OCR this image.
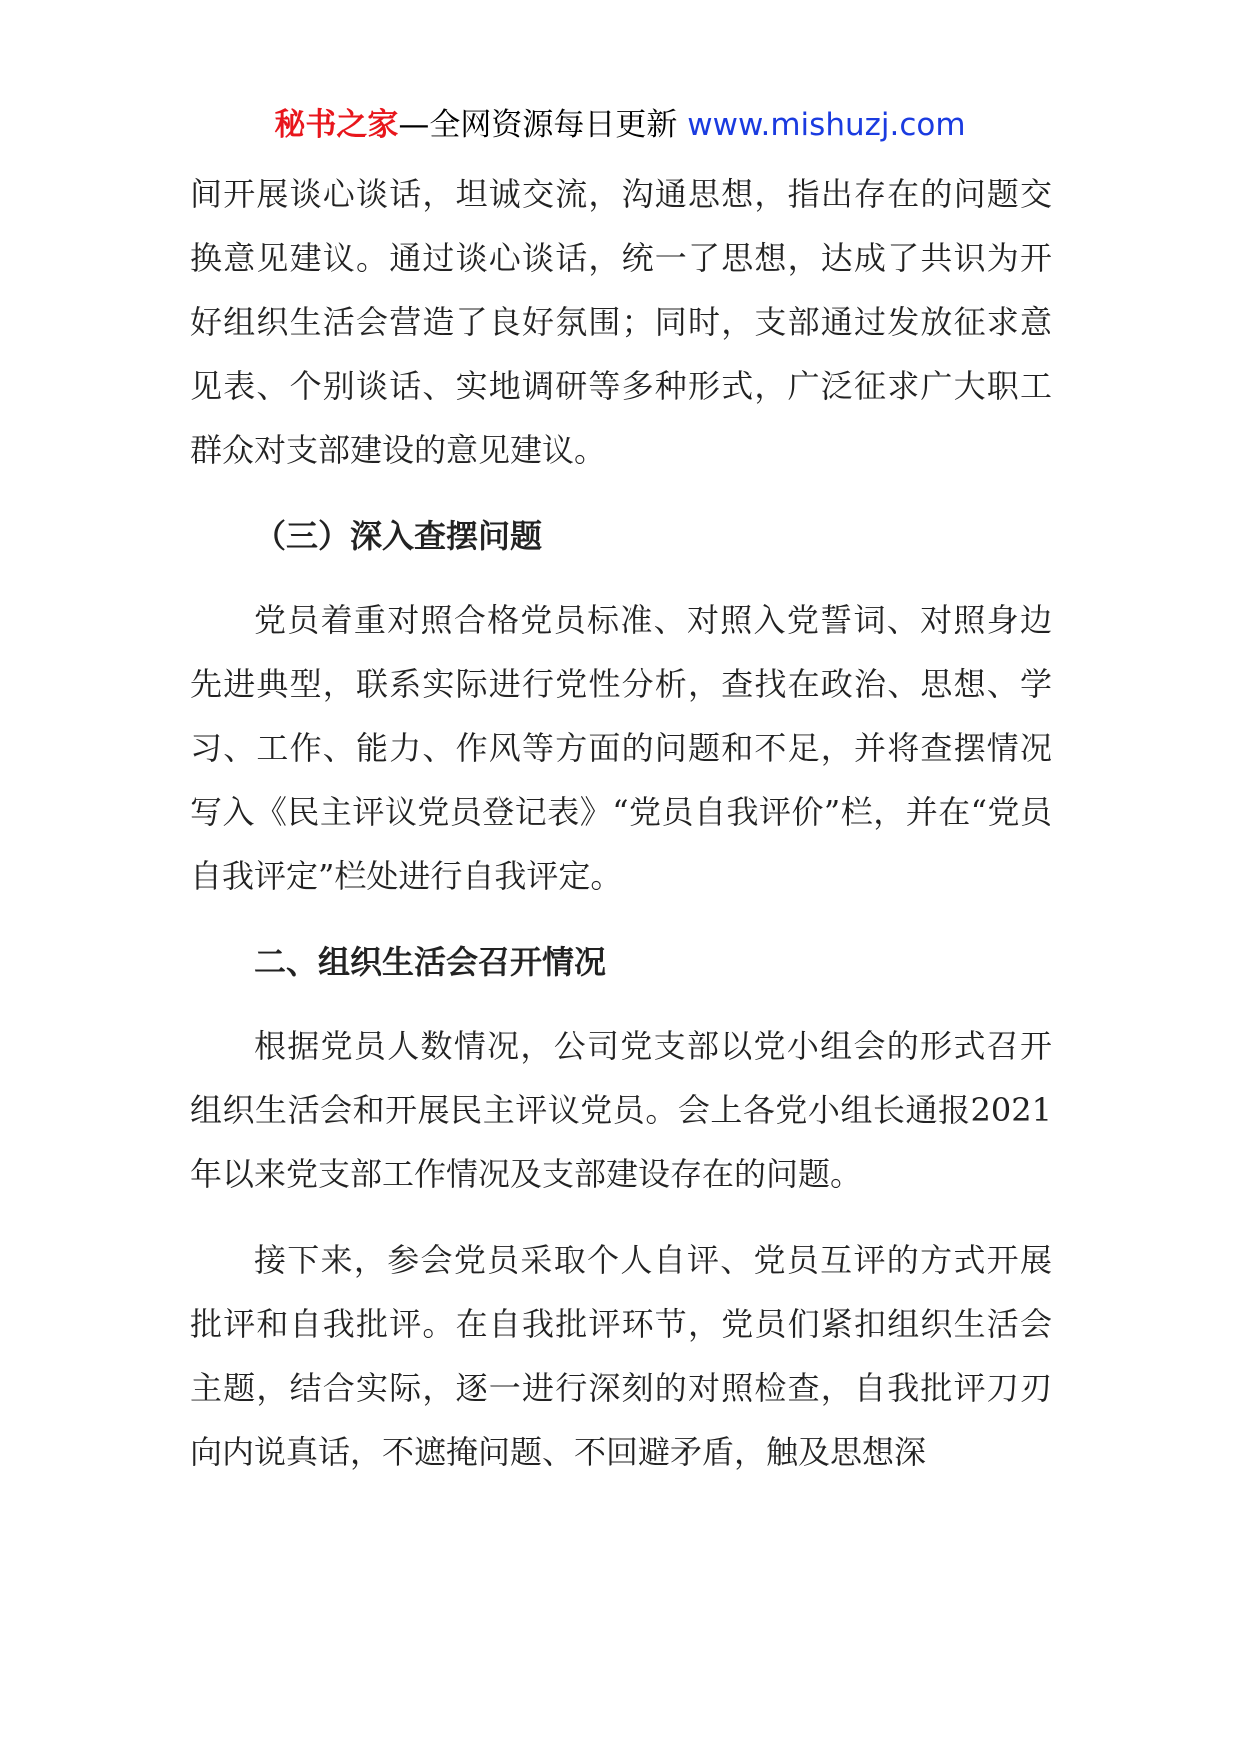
秘书之家—全网资源每日更新 www.mishuzj.com

间开展谈心谈话，坦诚交流，沟通思想，指出存在的问题交换意见建议。通过谈心谈话，统一了思想，达成了共识为开好组织生活会营造了良好氛围；同时，支部通过发放征求意见表、个别谈话、实地调研等多种形式，广泛征求广大职工群众对支部建设的意见建议。

（三）深入查摆问题

党员着重对照合格党员标准、对照入党誓词、对照身边先进典型，联系实际进行党性分析，查找在政治、思想、学习、工作、能力、作风等方面的问题和不足，并将查摆情况写入《民主评议党员登记表》“党员自我评价”栏，并在“党员自我评定”栏处进行自我评定。

二、组织生活会召开情况

根据党员人数情况，公司党支部以党小组会的形式召开组织生活会和开展民主评议党员。会上各党小组长通报2021年以来党支部工作情况及支部建设存在的问题。

接下来，参会党员采取个人自评、党员互评的方式开展批评和自我批评。在自我批评环节，党员们紧扣组织生活会主题，结合实际，逐一进行深刻的对照检查，自我批评刀刃向内说真话，不遮掩问题、不回避矛盾，触及思想深
